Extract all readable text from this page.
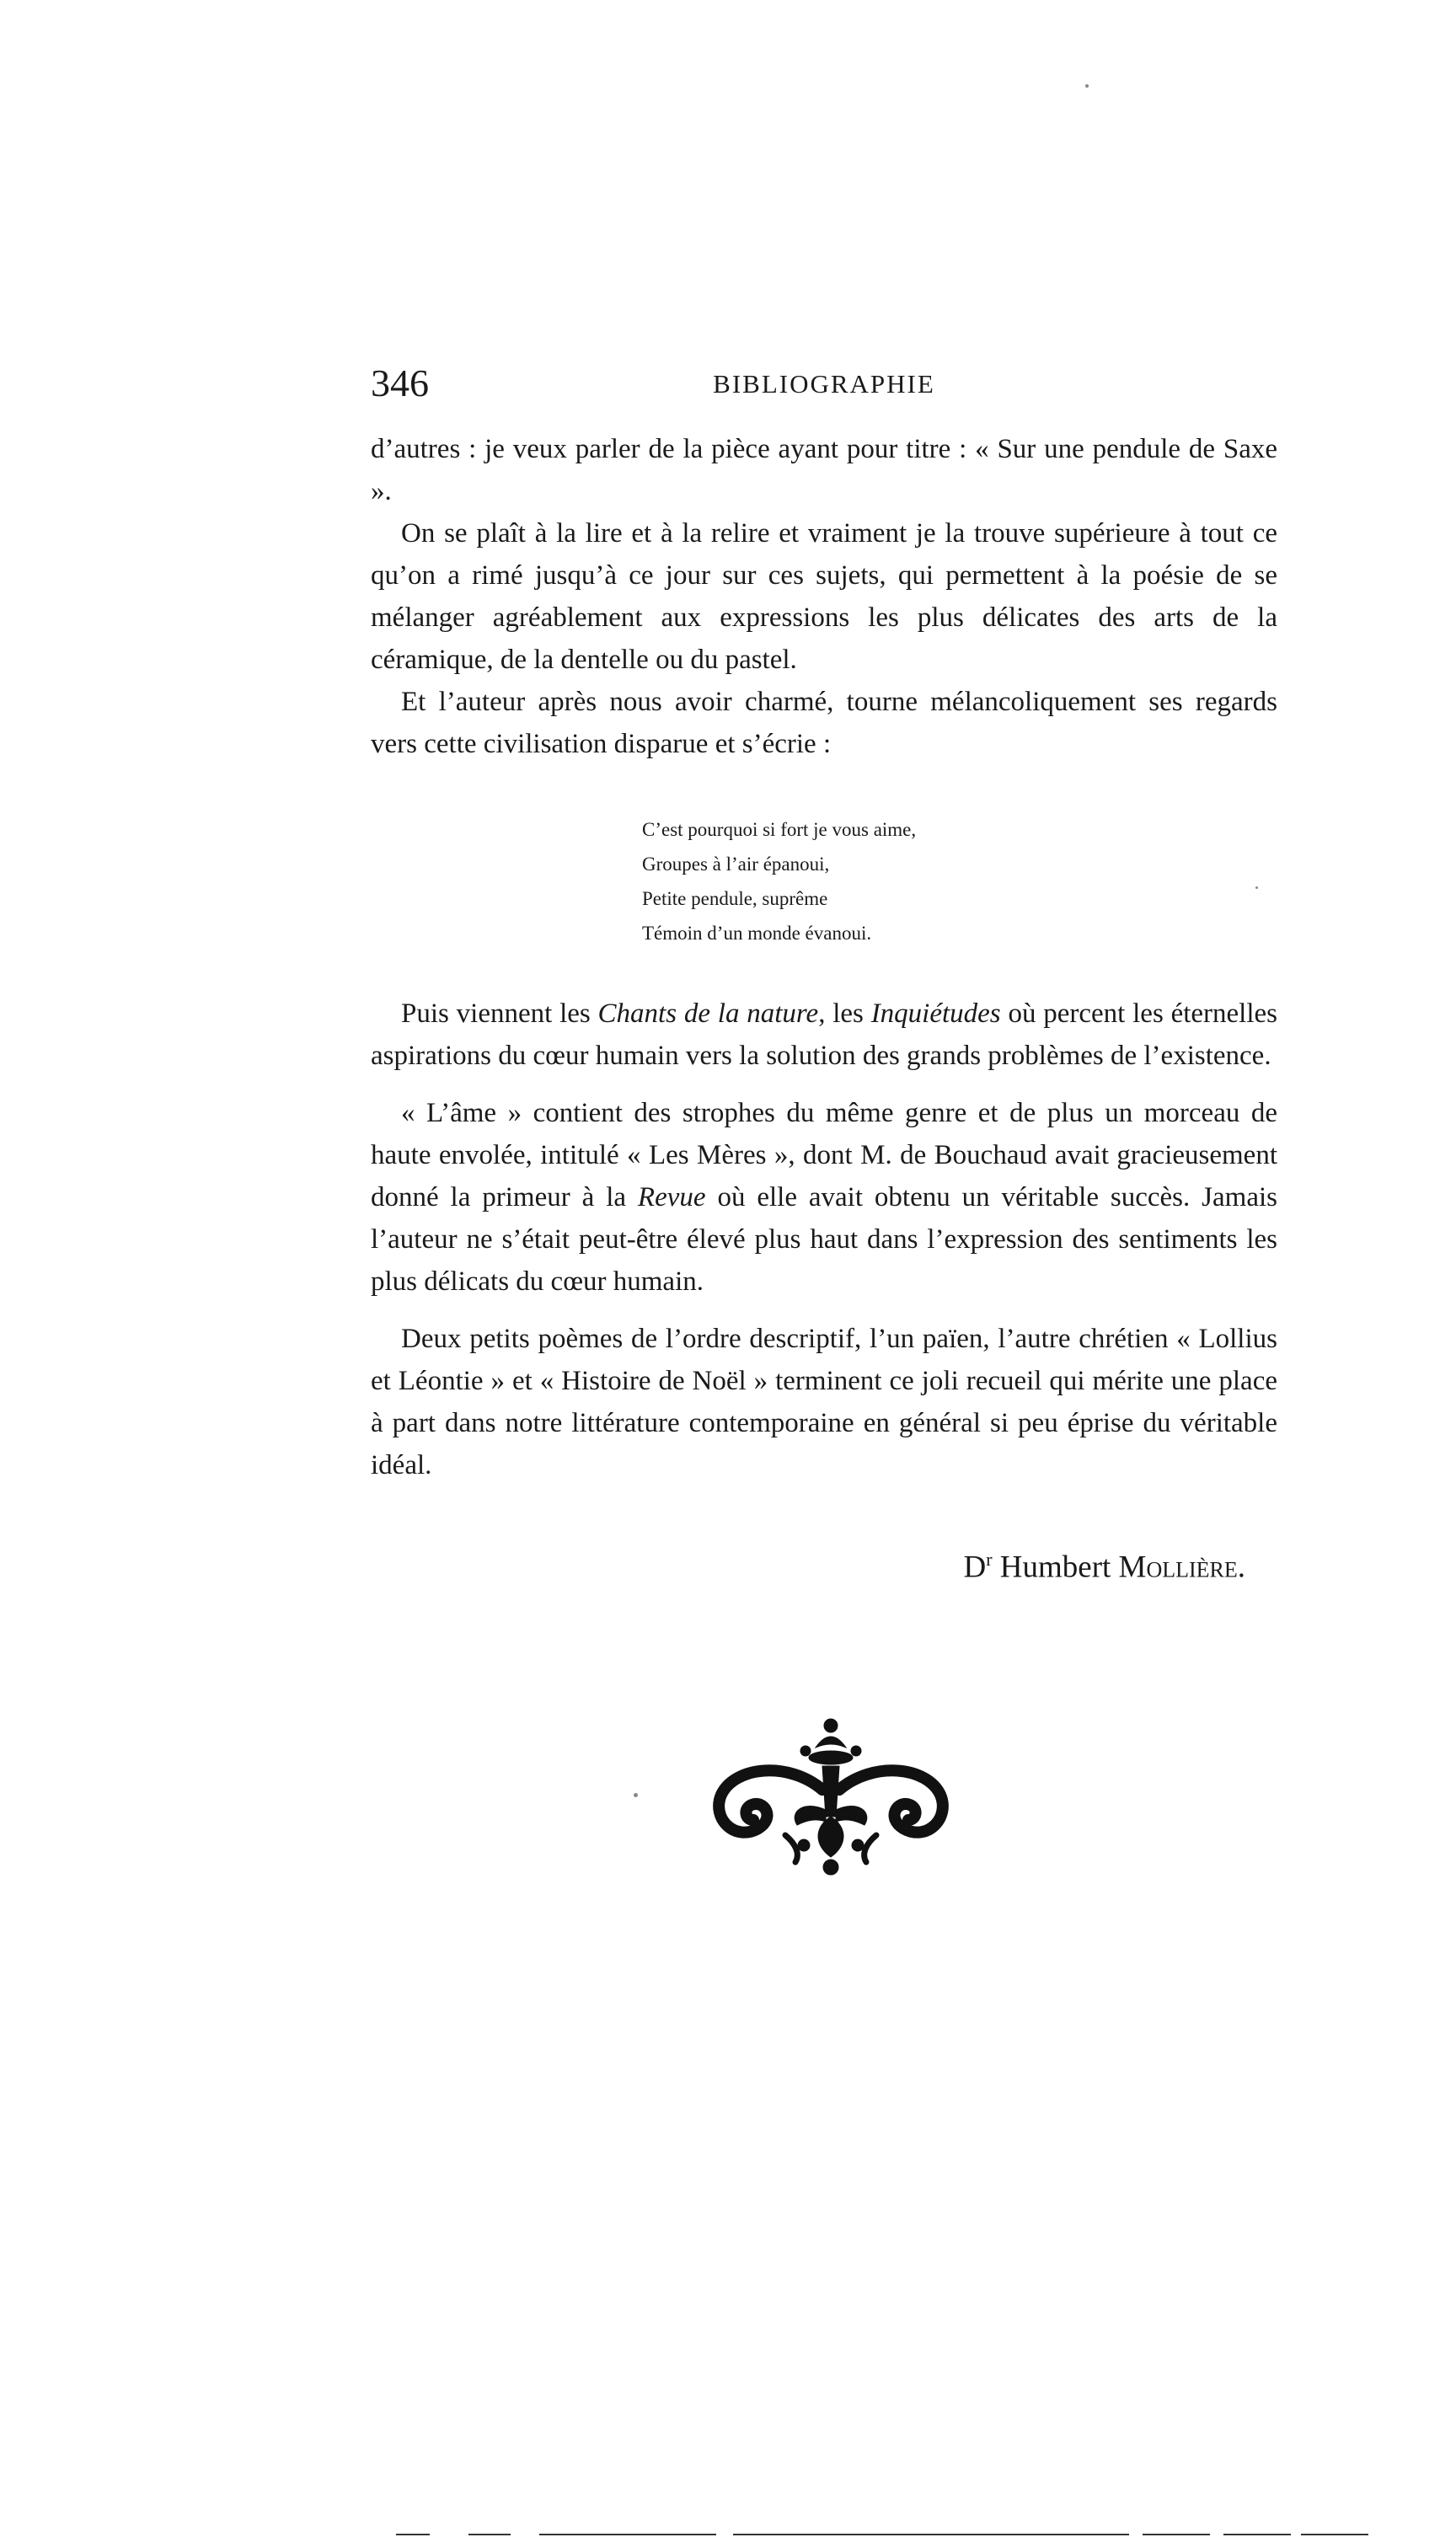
346	BIBLIOGRAPHIE

d’autres : je veux parler de la pièce ayant pour titre : « Sur une pendule de Saxe ».

On se plaît à la lire et à la relire et vraiment je la trouve supérieure à tout ce qu’on a rimé jusqu’à ce jour sur ces sujets, qui permettent à la poésie de se mélanger agréablement aux expressions les plus délicates des arts de la céramique, de la dentelle ou du pastel.

Et l’auteur après nous avoir charmé, tourne mélancoliquement ses regards vers cette civilisation disparue et s’écrie :

C’est pourquoi si fort je vous aime,
Groupes à l’air épanoui,
Petite pendule, suprême
Témoin d’un monde évanoui.

Puis viennent les Chants de la nature, les Inquiétudes où percent les éternelles aspirations du cœur humain vers la solution des grands problèmes de l’existence.

« L’âme » contient des strophes du même genre et de plus un morceau de haute envolée, intitulé « Les Mères », dont M. de Bouchaud avait gracieusement donné la primeur à la Revue où elle avait obtenu un véritable succès. Jamais l’auteur ne s’était peut-être élevé plus haut dans l’expression des sentiments les plus délicats du cœur humain.

Deux petits poèmes de l’ordre descriptif, l’un païen, l’autre chrétien « Lollius et Léontie » et « Histoire de Noël » terminent ce joli recueil qui mérite une place à part dans notre littérature contemporaine en général si peu éprise du véritable idéal.

$D^r$ Humbert Mollière.
